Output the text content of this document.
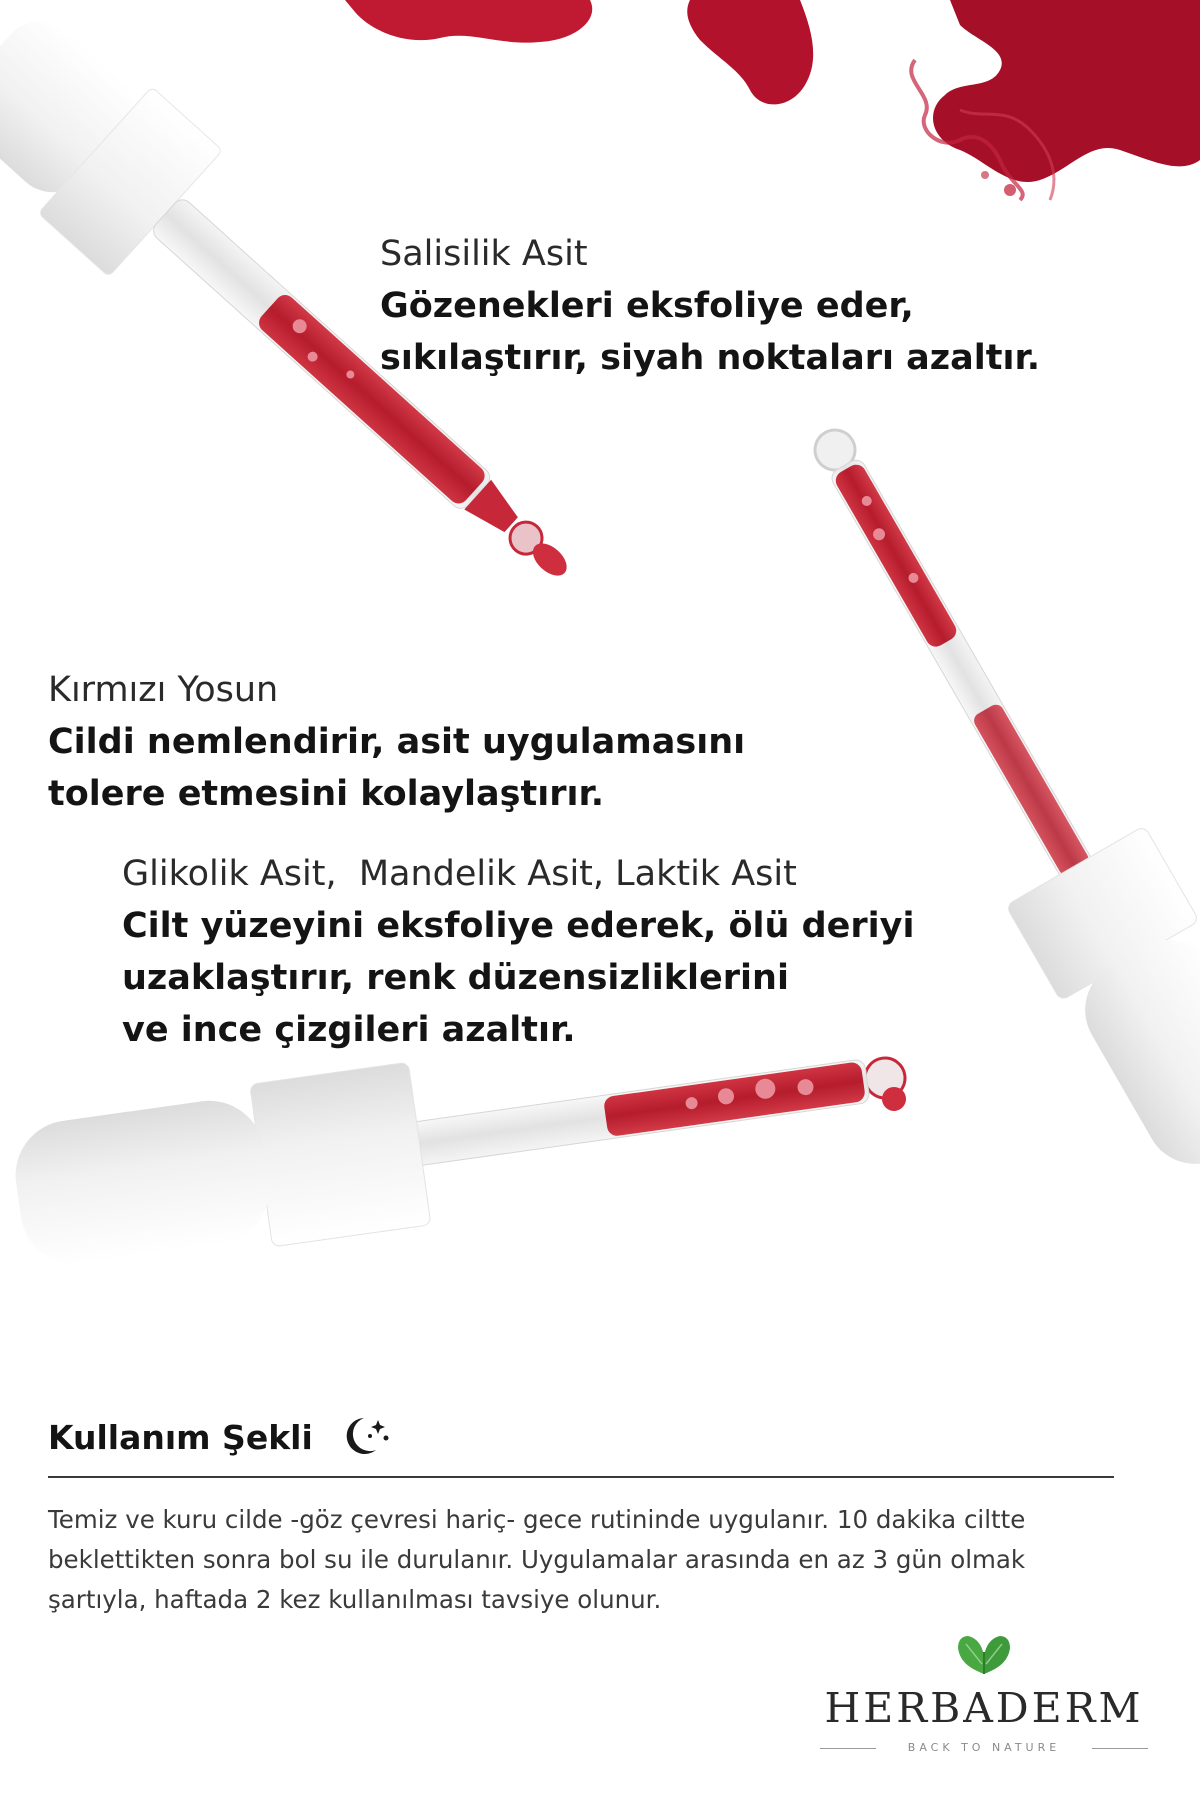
Salisilik Asit
Gözenekleri eksfoliye eder,
sıkılaştırır, siyah noktaları azaltır.
Kırmızı Yosun
Cildi nemlendirir, asit uygulamasını
tolere etmesini kolaylaştırır.
Glikolik Asit,  Mandelik Asit, Laktik Asit
Cilt yüzeyini eksfoliye ederek, ölü deriyi
uzaklaştırır, renk düzensizliklerini
ve ince çizgileri azaltır.
Kullanım Şekli
Temiz ve kuru cilde -göz çevresi hariç- gece rutininde uygulanır. 10 dakika ciltte
beklettikten sonra bol su ile durulanır. Uygulamalar arasında en az 3 gün olmak
şartıyla, haftada 2 kez kullanılması tavsiye olunur.
HERBADERM
BACK TO NATURE
